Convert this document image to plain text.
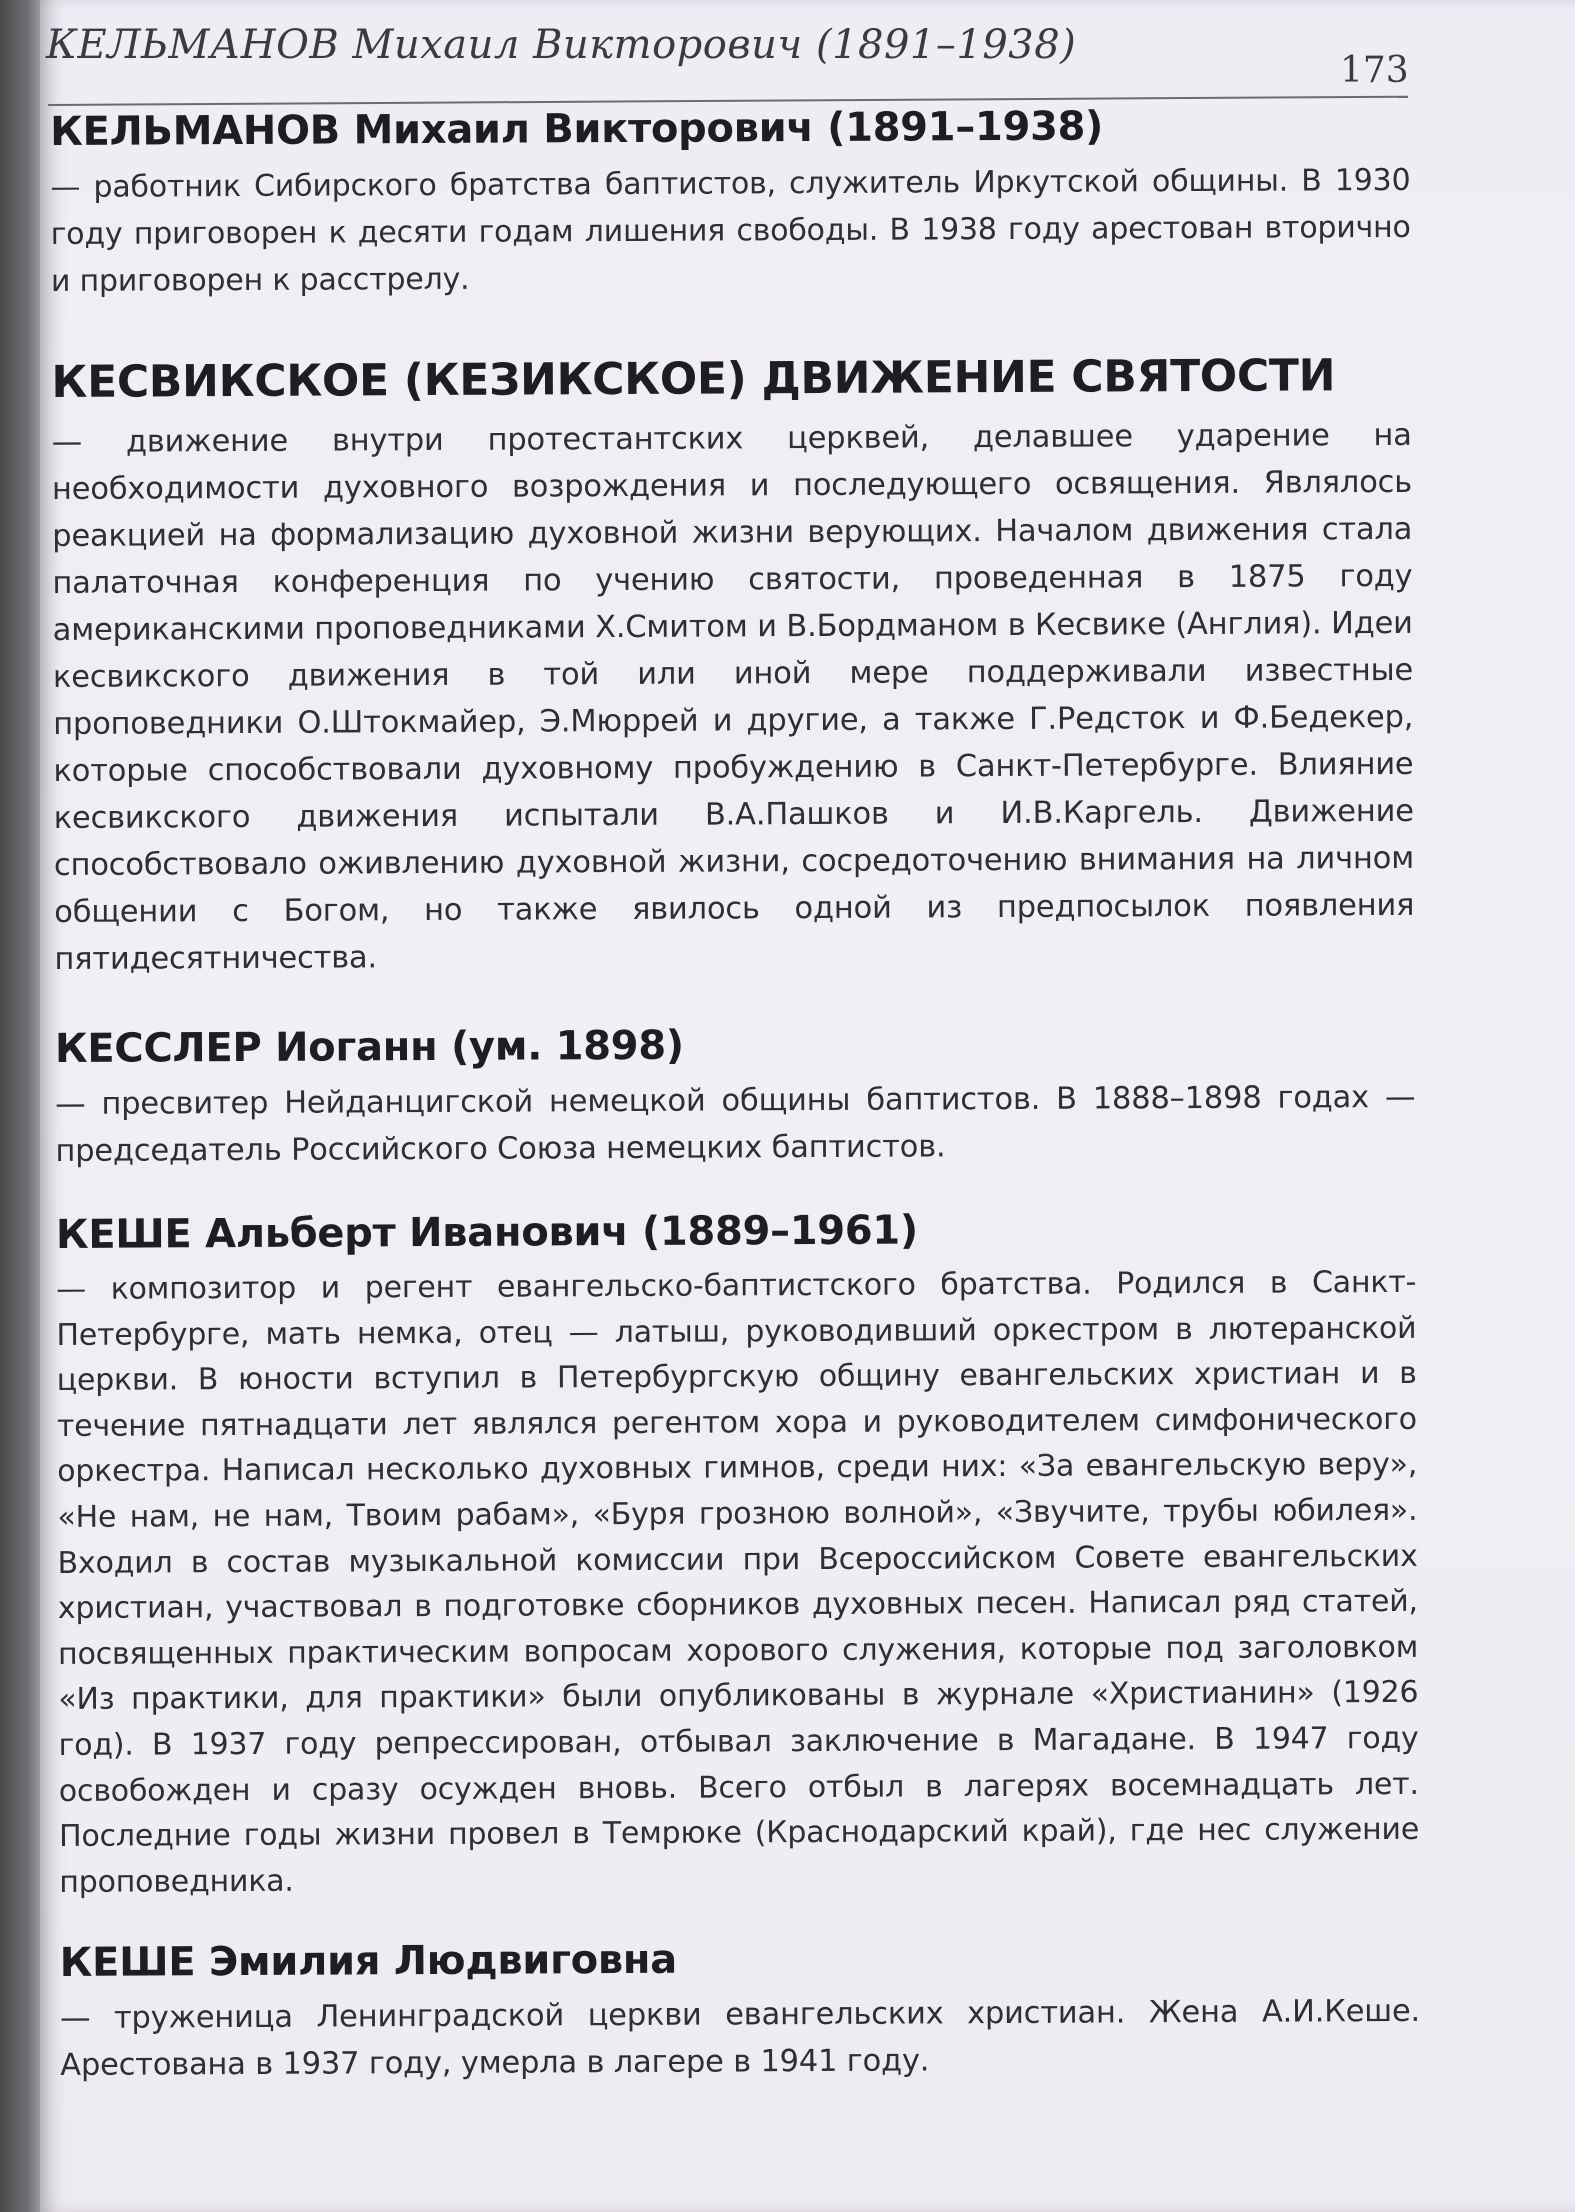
КЕЛЬМАНОВ Михаил Викторович (1891–1938)
173
КЕЛЬМАНОВ Михаил Викторович (1891–1938)

— работник Сибирского братства баптистов, служитель Иркутской общины. В 1930 году приговорен к десяти годам лишения свободы. В 1938 году арестован вторично и приговорен к расстрелу.

КЕСВИКСКОЕ (КЕЗИКСКОЕ) ДВИЖЕНИЕ СВЯТОСТИ

— движение внутри протестантских церквей, делавшее ударение на необходимости духовного возрождения и последующего освящения. Являлось реакцией на формализацию духовной жизни верующих. Началом движения стала палаточная конференция по учению святости, проведенная в 1875 году американскими проповедниками Х.Смитом и В.Бордманом в Кесвике (Англия). Идеи кесвикского движения в той или иной мере поддерживали известные проповедники О.Штокмайер, Э.Мюррей и другие, а также Г.Редсток и Ф.Бедекер, которые способствовали духовному пробуждению в Санкт-Петербурге. Влияние кесвикского движения испытали В.А.Пашков и И.В.Каргель. Движение способствовало оживлению духовной жизни, сосредоточению внимания на личном общении с Богом, но также явилось одной из предпосылок появления пятидесятничества.

КЕССЛЕР Иоганн (ум. 1898)

— пресвитер Нейданцигской немецкой общины баптистов. В 1888–1898 годах — председатель Российского Союза немецких баптистов.

КЕШЕ Альберт Иванович (1889–1961)

— композитор и регент евангельско-баптистского братства. Родился в Санкт-Петербурге, мать немка, отец — латыш, руководивший оркестром в лютеранской церкви. В юности вступил в Петербургскую общину евангельских христиан и в течение пятнадцати лет являлся регентом хора и руководителем симфонического оркестра. Написал несколько духовных гимнов, среди них: «За евангельскую веру», «Не нам, не нам, Твоим рабам», «Буря грозною волной», «Звучите, трубы юбилея». Входил в состав музыкальной комиссии при Всероссийском Совете евангельских христиан, участвовал в подготовке сборников духовных песен. Написал ряд статей, посвященных практическим вопросам хорового служения, которые под заголовком «Из практики, для практики» были опубликованы в журнале «Христианин» (1926 год). В 1937 году репрессирован, отбывал заключение в Магадане. В 1947 году освобожден и сразу осужден вновь. Всего отбыл в лагерях восемнадцать лет. Последние годы жизни провел в Темрюке (Краснодарский край), где нес служение проповедника.

КЕШЕ Эмилия Людвиговна

— труженица Ленинградской церкви евангельских христиан. Жена А.И.Кеше. Арестована в 1937 году, умерла в лагере в 1941 году.
